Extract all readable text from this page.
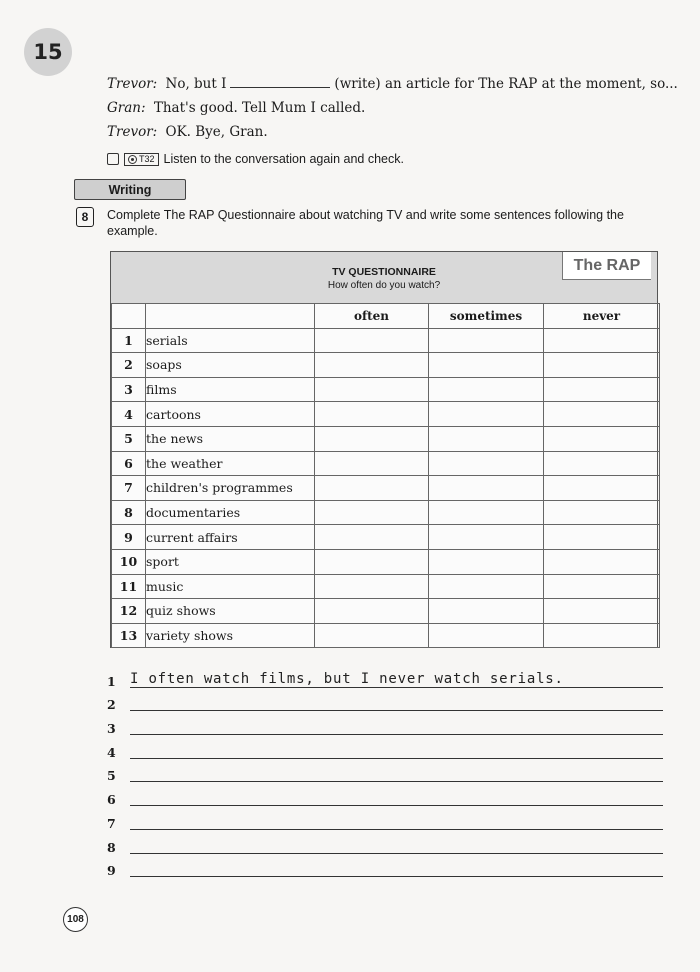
15
Trevor: No, but I	(write) an article for The RAP at the moment, so...
Gran: That's good. Tell Mum I called.
Trevor: OK. Bye, Gran.
T32 Listen to the conversation again and check.
Writing
8	Complete The RAP Questionnaire about watching TV and write some sentences following the example.
TV QUESTIONNAIRE
How often do you watch?
The RAP
		often	sometimes	never
1	serials			
2	soaps			
3	films			
4	cartoons			
5	the news			
6	the weather			
7	children's programmes			
8	documentaries			
9	current affairs			
10	sport			
11	music			
12	quiz shows			
13	variety shows			
1 I often watch films, but I never watch serials.
2
3
4
5
6
7
8
9
108
